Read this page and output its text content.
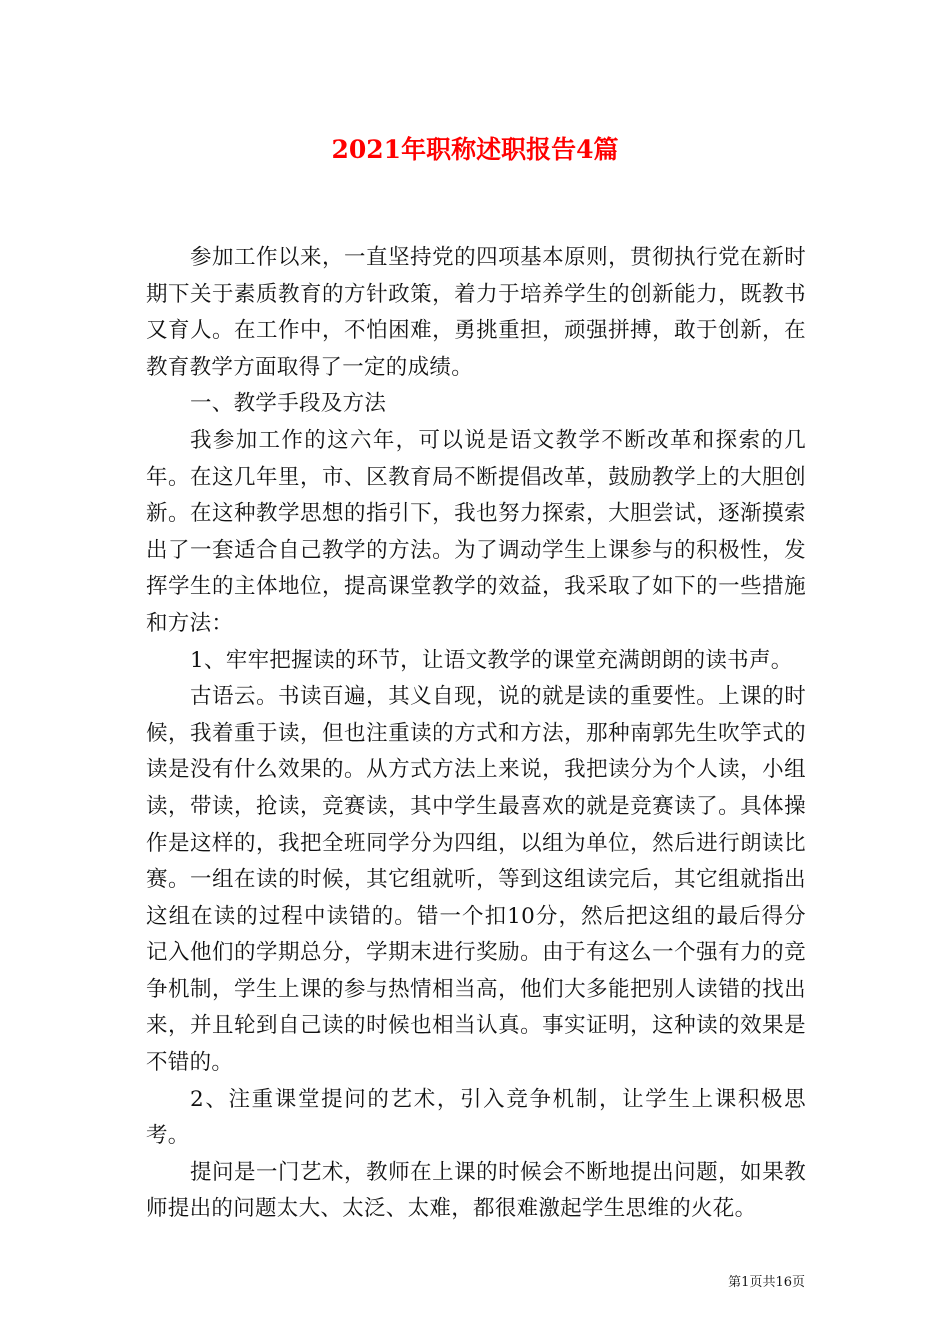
2021年职称述职报告4篇

参加工作以来，一直坚持党的四项基本原则，贯彻执行党在新时期下关于素质教育的方针政策，着力于培养学生的创新能力，既教书又育人。在工作中，不怕困难，勇挑重担，顽强拼搏，敢于创新，在教育教学方面取得了一定的成绩。

一、教学手段及方法

我参加工作的这六年，可以说是语文教学不断改革和探索的几年。在这几年里，市、区教育局不断提倡改革，鼓励教学上的大胆创新。在这种教学思想的指引下，我也努力探索，大胆尝试，逐渐摸索出了一套适合自己教学的方法。为了调动学生上课参与的积极性，发挥学生的主体地位，提高课堂教学的效益，我采取了如下的一些措施和方法：

1、牢牢把握读的环节，让语文教学的课堂充满朗朗的读书声。

古语云。书读百遍，其义自现，说的就是读的重要性。上课的时候，我着重于读，但也注重读的方式和方法，那种南郭先生吹竽式的读是没有什么效果的。从方式方法上来说，我把读分为个人读，小组读，带读，抢读，竞赛读，其中学生最喜欢的就是竞赛读了。具体操作是这样的，我把全班同学分为四组，以组为单位，然后进行朗读比赛。一组在读的时候，其它组就听，等到这组读完后，其它组就指出这组在读的过程中读错的。错一个扣10分，然后把这组的最后得分记入他们的学期总分，学期末进行奖励。由于有这么一个强有力的竞争机制，学生上课的参与热情相当高，他们大多能把别人读错的找出来，并且轮到自己读的时候也相当认真。事实证明，这种读的效果是不错的。

2、注重课堂提问的艺术，引入竞争机制，让学生上课积极思考。

提问是一门艺术，教师在上课的时候会不断地提出问题，如果教师提出的问题太大、太泛、太难，都很难激起学生思维的火花。

第1页共16页
